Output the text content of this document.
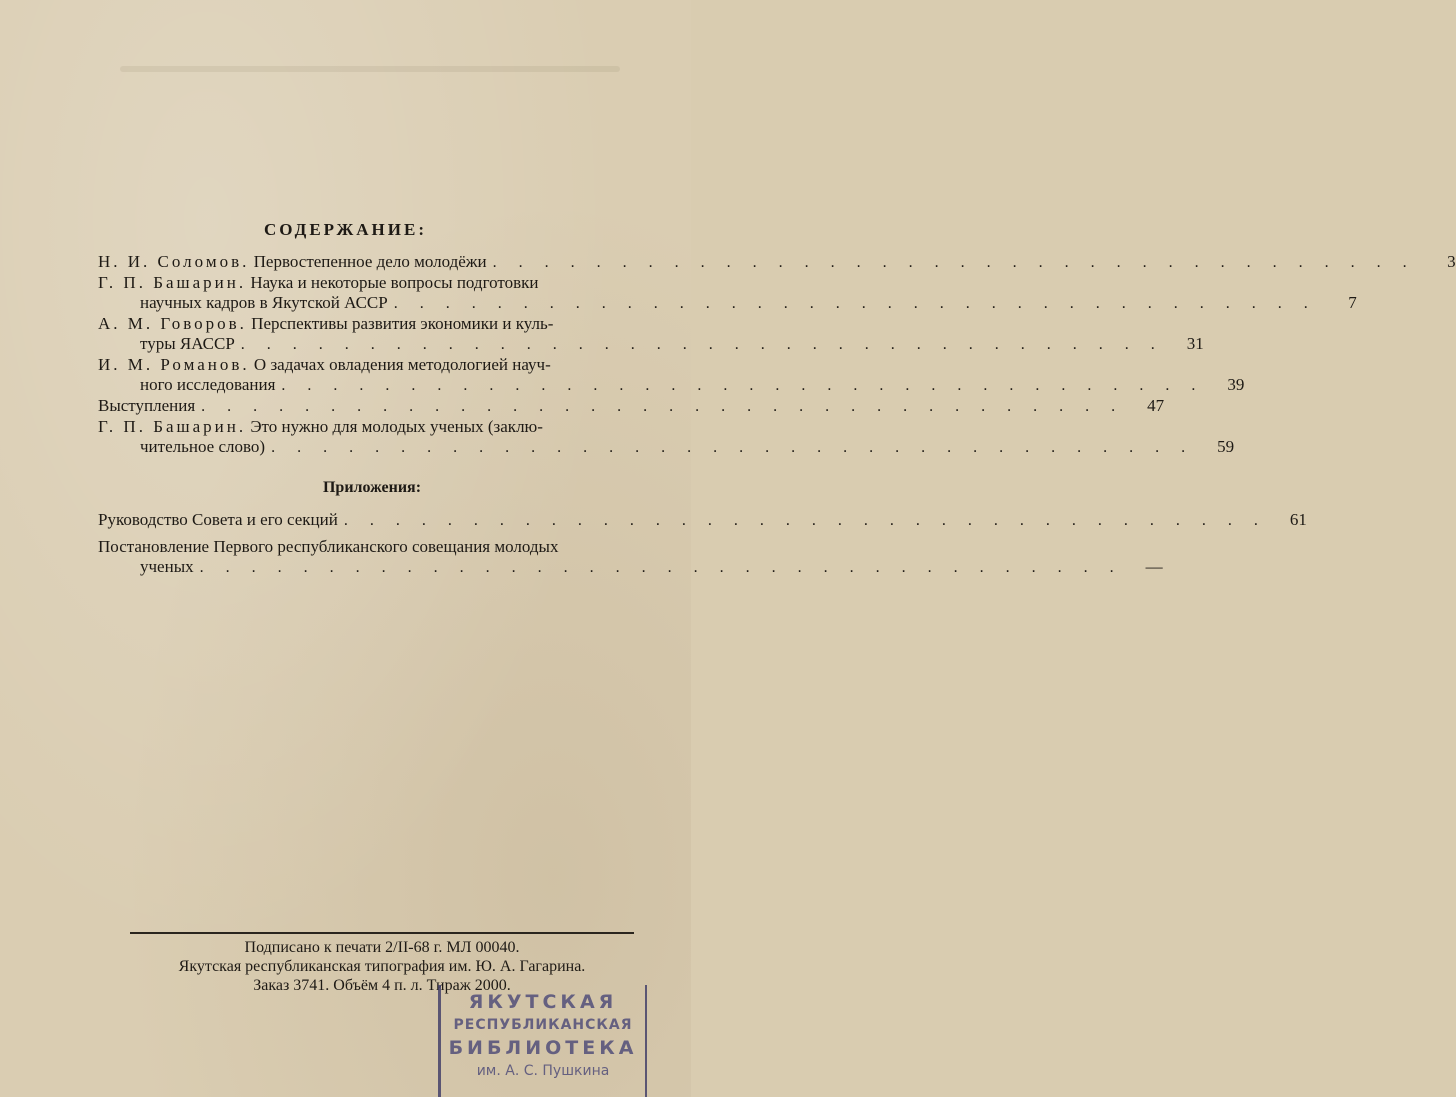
СОДЕРЖАНИЕ:
Н. И. Соломов. Первостепенное дело молодёжи . . . . . . . . . . . . . . . . . . . . . . . . . . . . . . . . . . . .	3
Г. П. Башарин. Наука и некоторые вопросы подготовки
научных кадров в Якутской АССР . . . . . . . . . . . . . . . . . . . . . . . . . . . . . . . . . . . .	7
А. М. Говоров. Перспективы развития экономики и куль-
туры ЯАССР . . . . . . . . . . . . . . . . . . . . . . . . . . . . . . . . . . . .	31
И. М. Романов. О задачах овладения методологией науч-
ного исследования . . . . . . . . . . . . . . . . . . . . . . . . . . . . . . . . . . . .	39
Выступления . . . . . . . . . . . . . . . . . . . . . . . . . . . . . . . . . . . .	47
Г. П. Башарин. Это нужно для молодых ученых (заклю-
чительное слово) . . . . . . . . . . . . . . . . . . . . . . . . . . . . . . . . . . . .	59
Приложения:
Руководство Совета и его секций . . . . . . . . . . . . . . . . . . . . . . . . . . . . . . . . . . . .	61
Постановление Первого республиканского совещания молодых
ученых . . . . . . . . . . . . . . . . . . . . . . . . . . . . . . . . . . . .	—
Подписано к печати 2/II-68 г. МЛ 00040.
Якутская республиканская типография им. Ю. А. Гагарина.
Заказ 3741. Объём 4 п. л. Тираж 2000.
ЯКУТСКАЯ
РЕСПУБЛИКАНСКАЯ
БИБЛИОТЕКА
им. А. С. Пушкина
